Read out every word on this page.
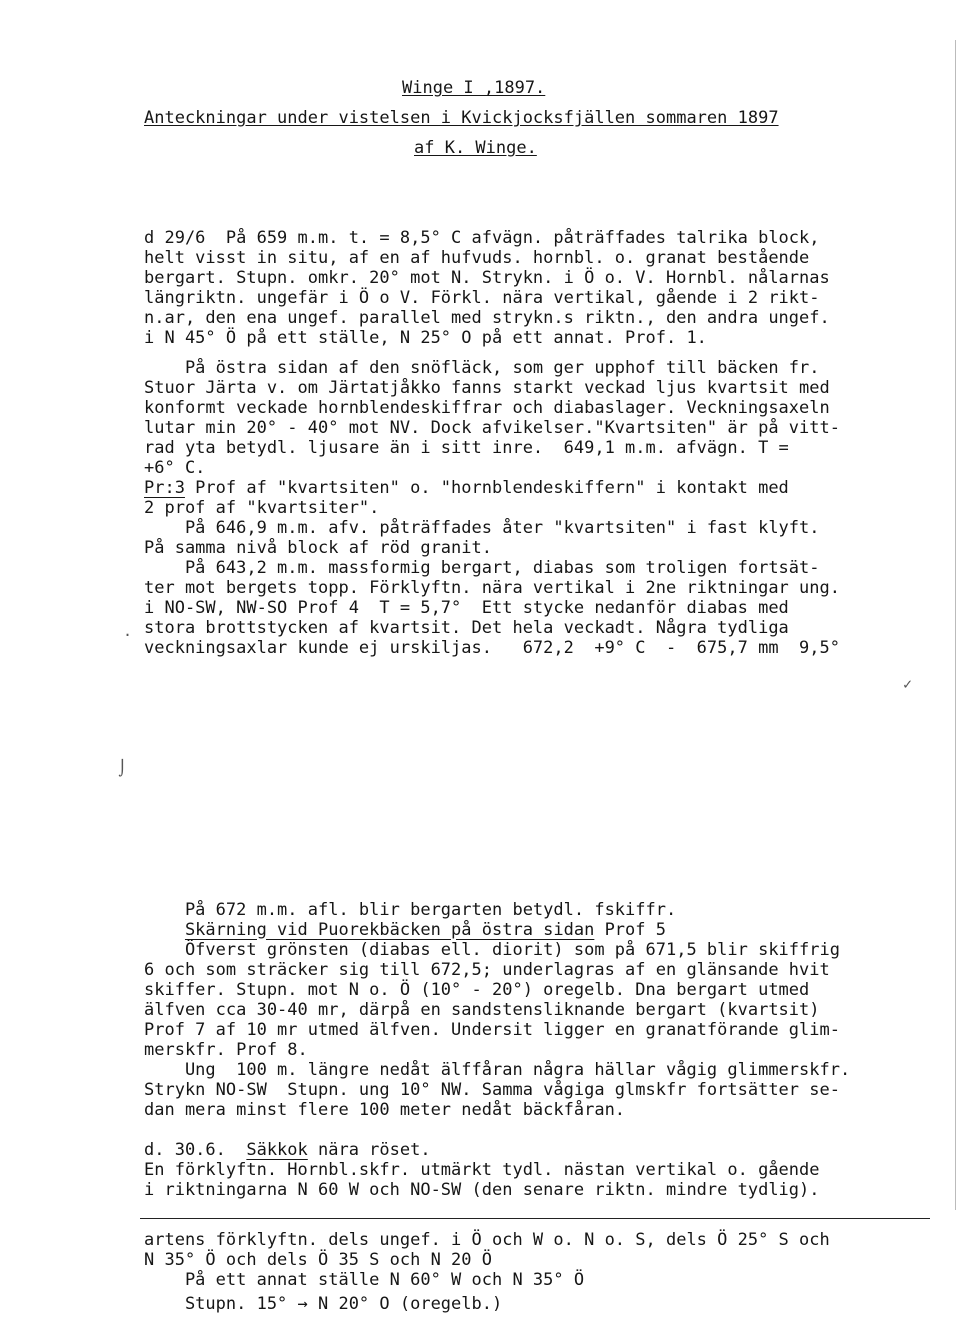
Winge I ,1897.
Anteckningar under vistelsen i Kvickjocksfjällen sommaren 1897
af K. Winge.
d 29/6  På 659 m.m. t. = 8,5° C afvägn. påträffades talrika block,
helt visst in situ, af en af hufvuds. hornbl. o. granat bestående
bergart. Stupn. omkr. 20° mot N. Strykn. i Ö o. V. Hornbl. nålarnas
längriktn. ungefär i Ö o V. Förkl. nära vertikal, gående i 2 rikt-
n.ar, den ena ungef. parallel med strykn.s riktn., den andra ungef.
i N 45° Ö på ett ställe, N 25° O på ett annat. Prof. 1.
På östra sidan af den snöfläck, som ger upphof till bäcken fr.
Stuor Järta v. om Järtatjåkko fanns starkt veckad ljus kvartsit med
konformt veckade hornblendeskiffrar och diabaslager. Veckningsaxeln
lutar min 20° - 40° mot NV. Dock afvikelser."Kvartsiten" är på vitt-
rad yta betydl. ljusare än i sitt inre.  649,1 m.m. afvägn. T =
+6° C.
Pr:3 Prof af "kvartsiten" o. "hornblendeskiffern" i kontakt med
2 prof af "kvartsiter".
På 646,9 m.m. afv. påträffades åter "kvartsiten" i fast klyft.
På samma nivå block af röd granit.
På 643,2 m.m. massformig bergart, diabas som troligen fortsät-
ter mot bergets topp. Förklyftn. nära vertikal i 2ne riktningar ung.
i NO-SW, NW-SO Prof 4  T = 5,7°  Ett stycke nedanför diabas med
stora brottstycken af kvartsit. Det hela veckadt. Några tydliga
veckningsaxlar kunde ej urskiljas.   672,2  +9° C  -  675,7 mm  9,5°
✓
·
⌡
På 672 m.m. afl. blir bergarten betydl. fskiffr.
Skärning vid Puorekbäcken på östra sidan Prof 5

Öfverst grönsten (diabas ell. diorit) som på 671,5 blir skiffrig
6 och som sträcker sig till 672,5; underlagras af en glänsande hvit
skiffer. Stupn. mot N o. Ö (10° - 20°) oregelb. Dna bergart utmed
älfven cca 30-40 mr, därpå en sandstensliknande bergart (kvartsit)
Prof 7 af 10 mr utmed älfven. Undersit ligger en granatförande glim-
merskfr. Prof 8.
Ung  100 m. längre nedåt älffåran några hällar vågig glimmerskfr.
Strykn NO-SW  Stupn. ung 10° NW. Samma vågiga glmskfr fortsätter se-
dan mera minst flere 100 meter nedåt bäckfåran.
d. 30.6.  Säkkok nära röset.
En förklyftn. Hornbl.skfr. utmärkt tydl. nästan vertikal o. gående
i riktningarna N 60 W och NO-SW (den senare riktn. mindre tydlig).
artens förklyftn. dels ungef. i Ö och W o. N o. S, dels Ö 25° S och
N 35° Ö och dels Ö 35 S och N 20 Ö
På ett annat ställe N 60° W och N 35° Ö
Stupn. 15° → N 20° O (oregelb.)
